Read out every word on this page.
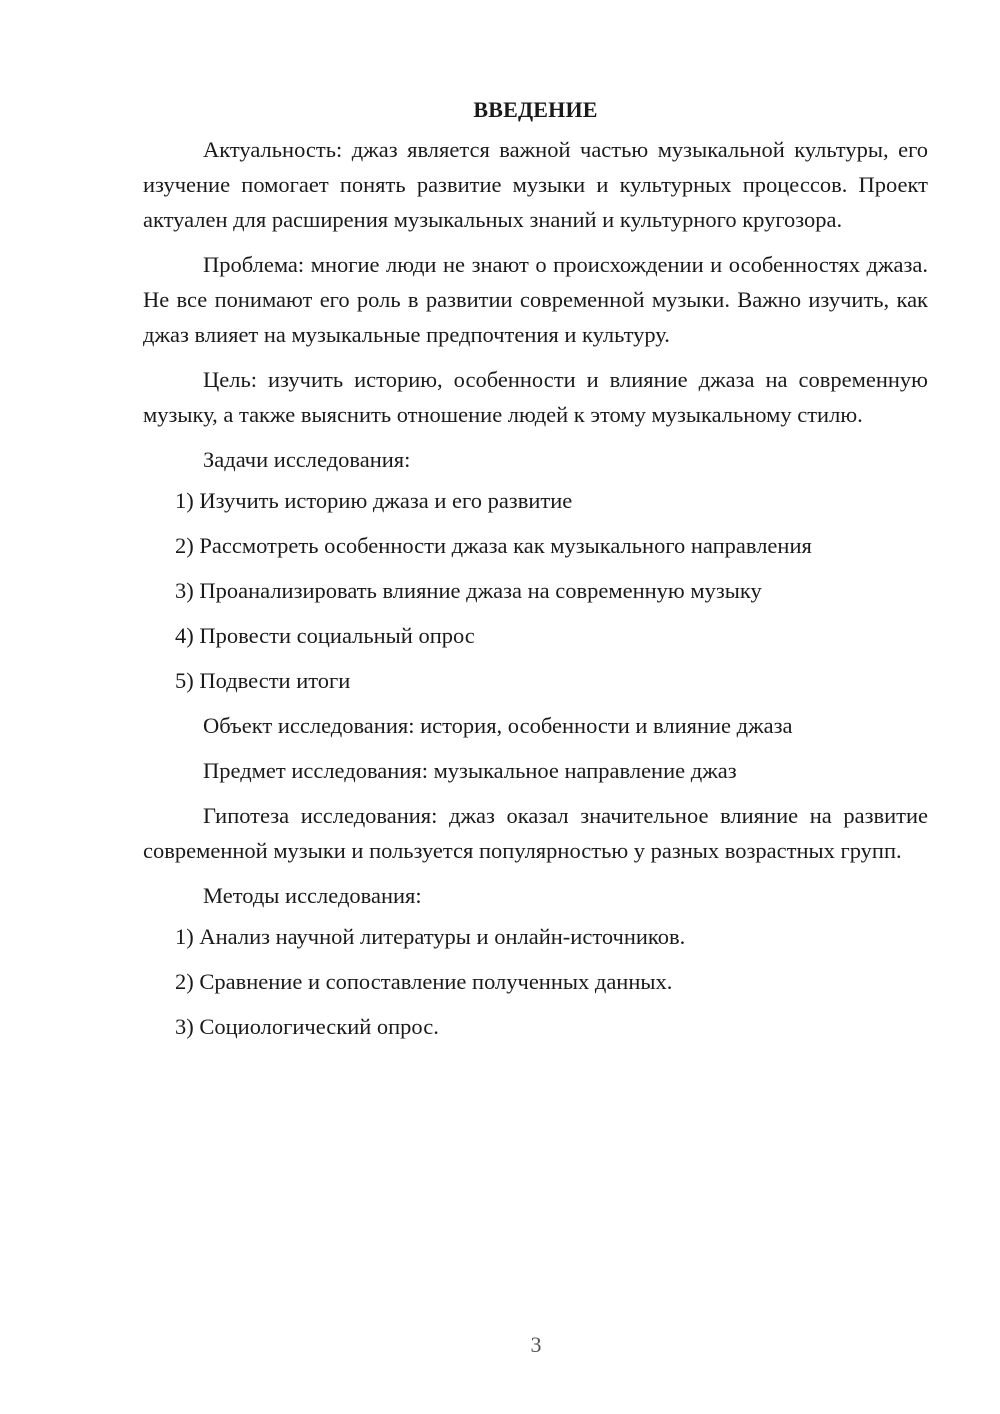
ВВЕДЕНИЕ

Актуальность: джаз является важной частью музыкальной культуры, его изучение помогает понять развитие музыки и культурных процессов. Проект актуален для расширения музыкальных знаний и культурного кругозора.

Проблема: многие люди не знают о происхождении и особенностях джаза. Не все понимают его роль в развитии современной музыки. Важно изучить, как джаз влияет на музыкальные предпочтения и культуру.

Цель: изучить историю, особенности и влияние джаза на современную музыку, а также выяснить отношение людей к этому музыкальному стилю.

Задачи исследования:
1) Изучить историю джаза и его развитие
2) Рассмотреть особенности джаза как музыкального направления
3) Проанализировать влияние джаза на современную музыку
4) Провести социальный опрос
5) Подвести итоги
Объект исследования: история, особенности и влияние джаза
Предмет исследования: музыкальное направление джаз

Гипотеза исследования: джаз оказал значительное влияние на развитие современной музыки и пользуется популярностью у разных возрастных групп.

Методы исследования:
1) Анализ научной литературы и онлайн-источников.
2) Сравнение и сопоставление полученных данных.
3) Социологический опрос.
3
